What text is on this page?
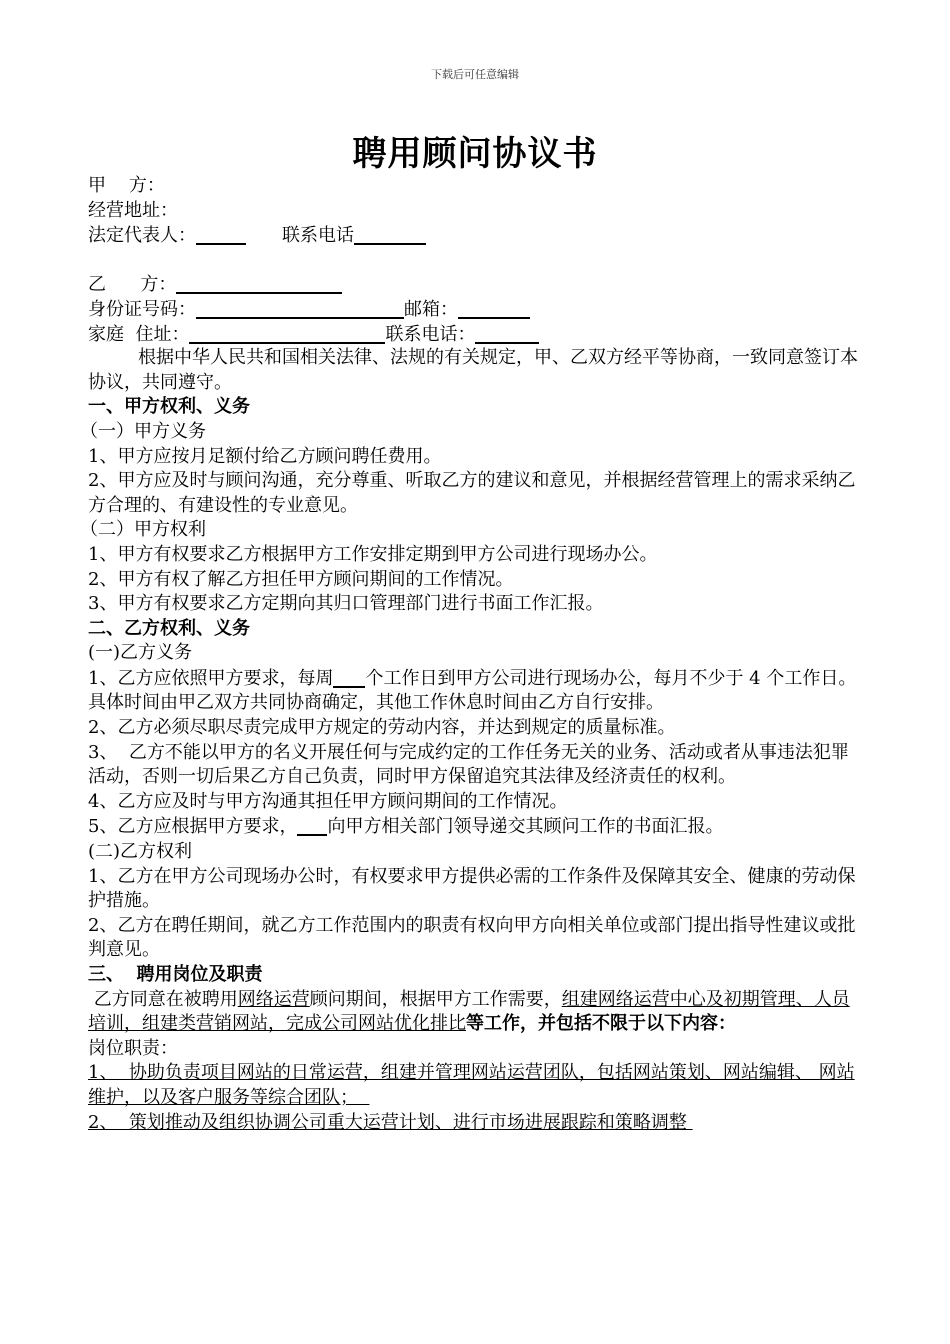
下载后可任意编辑
聘用顾问协议书
甲    方：
经营地址：
法定代表人：	联系电话
乙      方：
身份证号码：	邮箱：
家庭  住址：	联系电话：
根据中华人民共和国相关法律、法规的有关规定，甲、乙双方经平等协商，一致同意签订本协议，共同遵守。
一、甲方权利、义务
（一）甲方义务
1、甲方应按月足额付给乙方顾问聘任费用。
2、甲方应及时与顾问沟通，充分尊重、听取乙方的建议和意见，并根据经营管理上的需求采纳乙方合理的、有建设性的专业意见。
（二）甲方权利
1、甲方有权要求乙方根据甲方工作安排定期到甲方公司进行现场办公。
2、甲方有权了解乙方担任甲方顾问期间的工作情况。
3、甲方有权要求乙方定期向其归口管理部门进行书面工作汇报。
二、乙方权利、义务
(一)乙方义务
1、乙方应依照甲方要求，每周 个工作日到甲方公司进行现场办公，每月不少于 4 个工作日。具体时间由甲乙双方共同协商确定，其他工作休息时间由乙方自行安排。
2、乙方必须尽职尽责完成甲方规定的劳动内容，并达到规定的质量标准。
3、  乙方不能以甲方的名义开展任何与完成约定的工作任务无关的业务、活动或者从事违法犯罪活动，否则一切后果乙方自己负责，同时甲方保留追究其法律及经济责任的权利。
4、乙方应及时与甲方沟通其担任甲方顾问期间的工作情况。
5、乙方应根据甲方要求， 向甲方相关部门领导递交其顾问工作的书面汇报。
(二)乙方权利
1、乙方在甲方公司现场办公时，有权要求甲方提供必需的工作条件及保障其安全、健康的劳动保护措施。
2、乙方在聘任期间，就乙方工作范围内的职责有权向甲方向相关单位或部门提出指导性建议或批判意见。
三、  聘用岗位及职责
乙方同意在被聘用网络运营顾问期间，根据甲方工作需要，组建网络运营中心及初期管理、人员培训，组建类营销网站，完成公司网站优化排比等工作，并包括不限于以下内容：
岗位职责：
1、  协助负责项目网站的日常运营，组建并管理网站运营团队，包括网站策划、网站编辑、 网站维护，以及客户服务等综合团队；
2、  策划推动及组织协调公司重大运营计划、进行市场进展跟踪和策略调整
